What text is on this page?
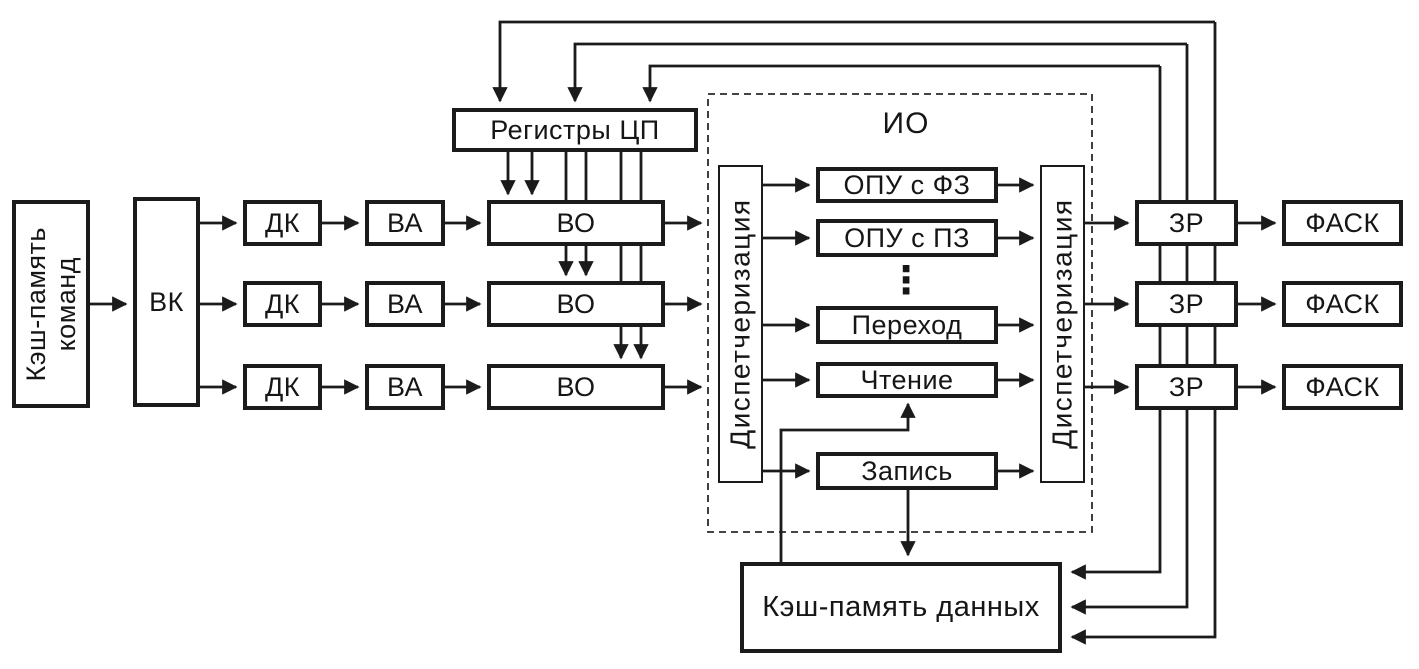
Кэш-память команд	ВК
ДК
ДК
ДК
ВА
ВА
ВА
ВО
ВО
ВО
Регистры ЦП	ИО
Диспетчеризация	Диспетчеризация
ОПУ с ФЗ
ОПУ с ПЗ
⋮
Переход
Чтение
Запись
ЗР
ЗР
ЗР
ФАСК
ФАСК
ФАСК
Кэш-память данных
